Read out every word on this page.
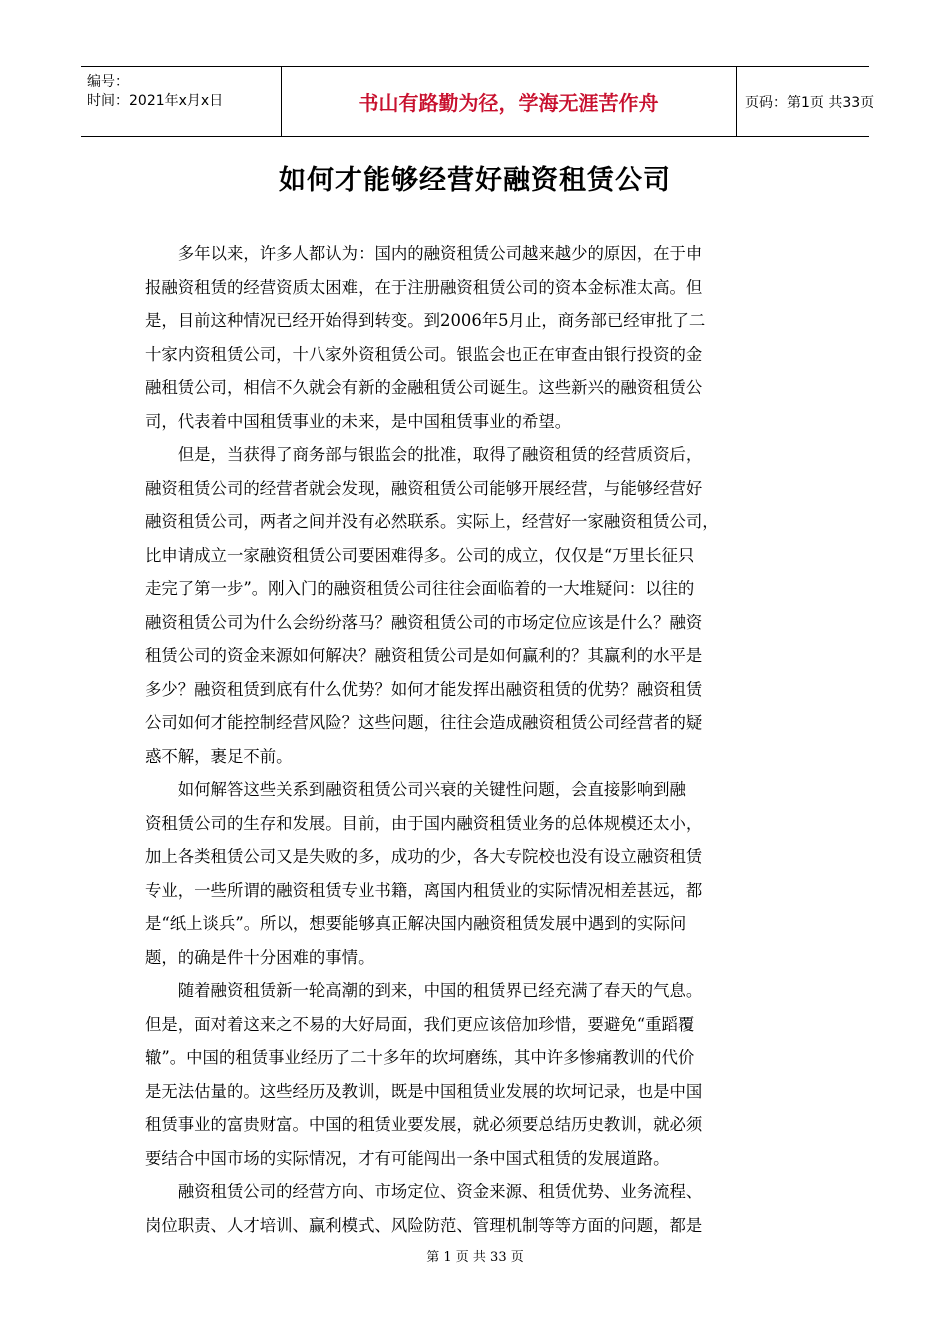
编号：
时间：2021年x月x日	书山有路勤为径，学海无涯苦作舟	页码：第1页 共33页
如何才能够经营好融资租赁公司

　　多年以来，许多人都认为：国内的融资租赁公司越来越少的原因，在于申

报融资租赁的经营资质太困难，在于注册融资租赁公司的资本金标准太高。但

是，目前这种情况已经开始得到转变。到2006年5月止，商务部已经审批了二

十家内资租赁公司，十八家外资租赁公司。银监会也正在审查由银行投资的金

融租赁公司，相信不久就会有新的金融租赁公司诞生。这些新兴的融资租赁公

司，代表着中国租赁事业的未来，是中国租赁事业的希望。

　　但是，当获得了商务部与银监会的批准，取得了融资租赁的经营质资后，

融资租赁公司的经营者就会发现，融资租赁公司能够开展经营，与能够经营好

融资租赁公司，两者之间并没有必然联系。实际上，经营好一家融资租赁公司，

比申请成立一家融资租赁公司要困难得多。公司的成立，仅仅是“万里长征只

走完了第一步”。刚入门的融资租赁公司往往会面临着的一大堆疑问：以往的

融资租赁公司为什么会纷纷落马？融资租赁公司的市场定位应该是什么？融资

租赁公司的资金来源如何解决？融资租赁公司是如何赢利的？其赢利的水平是

多少？融资租赁到底有什么优势？如何才能发挥出融资租赁的优势？融资租赁

公司如何才能控制经营风险？这些问题，往往会造成融资租赁公司经营者的疑

惑不解，裹足不前。

　　如何解答这些关系到融资租赁公司兴衰的关键性问题，会直接影响到融

资租赁公司的生存和发展。目前，由于国内融资租赁业务的总体规模还太小，

加上各类租赁公司又是失败的多，成功的少，各大专院校也没有设立融资租赁

专业，一些所谓的融资租赁专业书籍，离国内租赁业的实际情况相差甚远，都

是“纸上谈兵”。所以，想要能够真正解决国内融资租赁发展中遇到的实际问

题，的确是件十分困难的事情。

　　随着融资租赁新一轮高潮的到来，中国的租赁界已经充满了春天的气息。

但是，面对着这来之不易的大好局面，我们更应该倍加珍惜，要避免“重蹈覆

辙”。中国的租赁事业经历了二十多年的坎坷磨练，其中许多惨痛教训的代价

是无法估量的。这些经历及教训，既是中国租赁业发展的坎坷记录，也是中国

租赁事业的富贵财富。中国的租赁业要发展，就必须要总结历史教训，就必须

要结合中国市场的实际情况，才有可能闯出一条中国式租赁的发展道路。

　　融资租赁公司的经营方向、市场定位、资金来源、租赁优势、业务流程、

岗位职责、人才培训、赢利模式、风险防范、管理机制等等方面的问题，都是

第 1 页 共 33 页
